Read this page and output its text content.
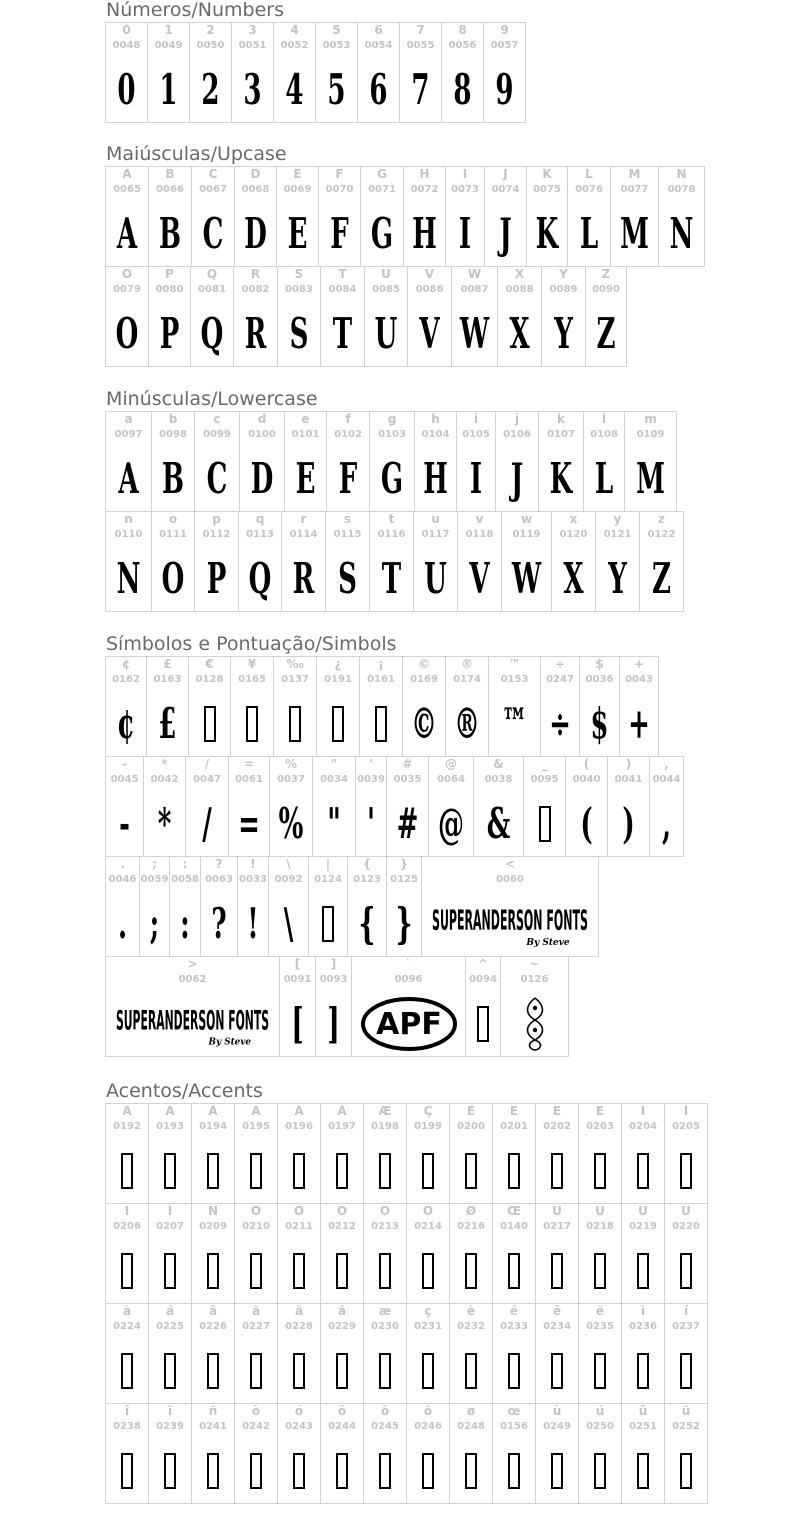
Números/Numbers
0
0048
0
1
0049
1
2
0050
2
3
0051
3
4
0052
4
5
0053
5
6
0054
6
7
0055
7
8
0056
8
9
0057
9
Maiúsculas/Upcase
A
0065
A
B
0066
B
C
0067
C
D
0068
D
E
0069
E
F
0070
F
G
0071
G
H
0072
H
I
0073
I
J
0074
J
K
0075
K
L
0076
L
M
0077
M
N
0078
N
O
0079
O
P
0080
P
Q
0081
Q
R
0082
R
S
0083
S
T
0084
T
U
0085
U
V
0086
V
W
0087
W
X
0088
X
Y
0089
Y
Z
0090
Z
Minúsculas/Lowercase
a
0097
A
b
0098
B
c
0099
C
d
0100
D
e
0101
E
f
0102
F
g
0103
G
h
0104
H
i
0105
I
j
0106
J
k
0107
K
l
0108
L
m
0109
M
n
0110
N
o
0111
O
p
0112
P
q
0113
Q
r
0114
R
s
0115
S
t
0116
T
u
0117
U
v
0118
V
w
0119
W
x
0120
X
y
0121
Y
z
0122
Z
Símbolos e Pontuação/Simbols
¢
0162
¢
£
0163
£
€
0128
¥
0165
‰
0137
¿
0191
¡
0161
©
0169
©
®
0174
®
™
0153
™
÷
0247
÷
$
0036
$
+
0043
+
-
0045
-
*
0042
*
/
0047
/
=
0061
=
%
0037
%
"
0034
"
'
0039
'
#
0035
#
@
0064
@
&
0038
&
_
0095
(
0040
(
)
0041
)
,
0044
,
.
0046
.
;
0059
;
:
0058
:
?
0063
?
!
0033
!
\
0092
\
|
0124
{
0123
{
}
0125
}
<
0060
SUPERANDERSON FONTS
By Steve
>
0062
SUPERANDERSON FONTS
By Steve
[
0091
[
]
0093
]
`
0096
APF
^
0094
~
0126
Acentos/Accents
À
0192
Á
0193
Â
0194
Ã
0195
Ä
0196
Å
0197
Æ
0198
Ç
0199
È
0200
É
0201
Ê
0202
Ë
0203
Ì
0204
Í
0205
Î
0206
Ï
0207
Ñ
0209
Ò
0210
Ó
0211
Ô
0212
Õ
0213
Ö
0214
Ø
0216
Œ
0140
Ù
0217
Ú
0218
Û
0219
Ü
0220
à
0224
á
0225
â
0226
ã
0227
ä
0228
å
0229
æ
0230
ç
0231
è
0232
é
0233
ê
0234
ë
0235
ì
0236
í
0237
î
0238
ï
0239
ñ
0241
ò
0242
ó
0243
ô
0244
õ
0245
ö
0246
ø
0248
œ
0156
ù
0249
ú
0250
û
0251
ü
0252
